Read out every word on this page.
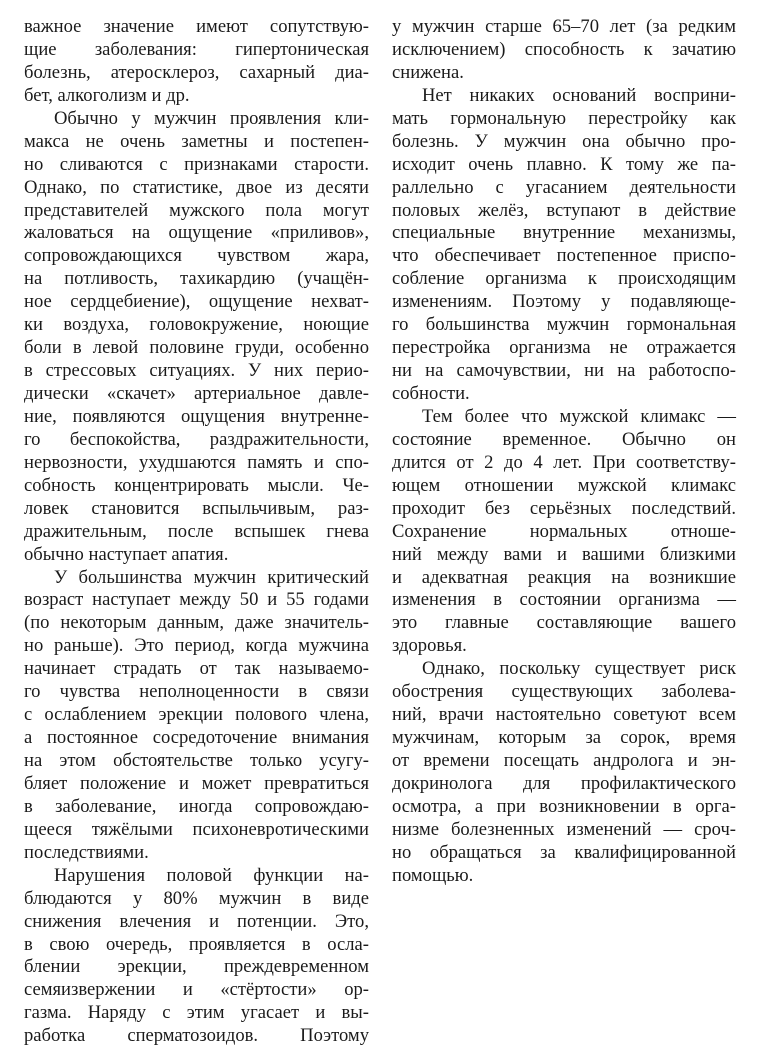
важное значение имеют сопутствую-
щие заболевания: гипертоническая
болезнь, атеросклероз, сахарный диа-
бет, алкоголизм и др.
Обычно у мужчин проявления кли-
макса не очень заметны и постепен-
но сливаются с признаками старости.
Однако, по статистике, двое из десяти
представителей мужского пола могут
жаловаться на ощущение «приливов»,
сопровождающихся чувством жара,
на потливость, тахикардию (учащён-
ное сердцебиение), ощущение нехват-
ки воздуха, головокружение, ноющие
боли в левой половине груди, особенно
в стрессовых ситуациях. У них перио-
дически «скачет» артериальное давле-
ние, появляются ощущения внутренне-
го беспокойства, раздражительности,
нервозности, ухудшаются память и спо-
собность концентрировать мысли. Че-
ловек становится вспыльчивым, раз-
дражительным, после вспышек гнева
обычно наступает апатия.
У большинства мужчин критический
возраст наступает между 50 и 55 годами
(по некоторым данным, даже значитель-
но раньше). Это период, когда мужчина
начинает страдать от так называемо-
го чувства неполноценности в связи
с ослаблением эрекции полового члена,
а постоянное сосредоточение внимания
на этом обстоятельстве только усугу-
бляет положение и может превратиться
в заболевание, иногда сопровождаю-
щееся тяжёлыми психоневротическими
последствиями.
Нарушения половой функции на-
блюдаются у 80% мужчин в виде
снижения влечения и потенции. Это,
в свою очередь, проявляется в осла-
блении эрекции, преждевременном
семяизвержении и «стёртости» ор-
газма. Наряду с этим угасает и вы-
работка сперматозоидов. Поэтому
у мужчин старше 65–70 лет (за редким
исключением) способность к зачатию
снижена.
Нет никаких оснований восприни-
мать гормональную перестройку как
болезнь. У мужчин она обычно про-
исходит очень плавно. К тому же па-
раллельно с угасанием деятельности
половых желёз, вступают в действие
специальные внутренние механизмы,
что обеспечивает постепенное приспо-
собление организма к происходящим
изменениям. Поэтому у подавляюще-
го большинства мужчин гормональная
перестройка организма не отражается
ни на самочувствии, ни на работоспо-
собности.
Тем более что мужской климакс —
состояние временное. Обычно он
длится от 2 до 4 лет. При соответству-
ющем отношении мужской климакс
проходит без серьёзных последствий.
Сохранение нормальных отноше-
ний между вами и вашими близкими
и адекватная реакция на возникшие
изменения в состоянии организма —
это главные составляющие вашего
здоровья.
Однако, поскольку существует риск
обострения существующих заболева-
ний, врачи настоятельно советуют всем
мужчинам, которым за сорок, время
от времени посещать андролога и эн-
докринолога для профилактического
осмотра, а при возникновении в орга-
низме болезненных изменений — сроч-
но обращаться за квалифицированной
помощью.
